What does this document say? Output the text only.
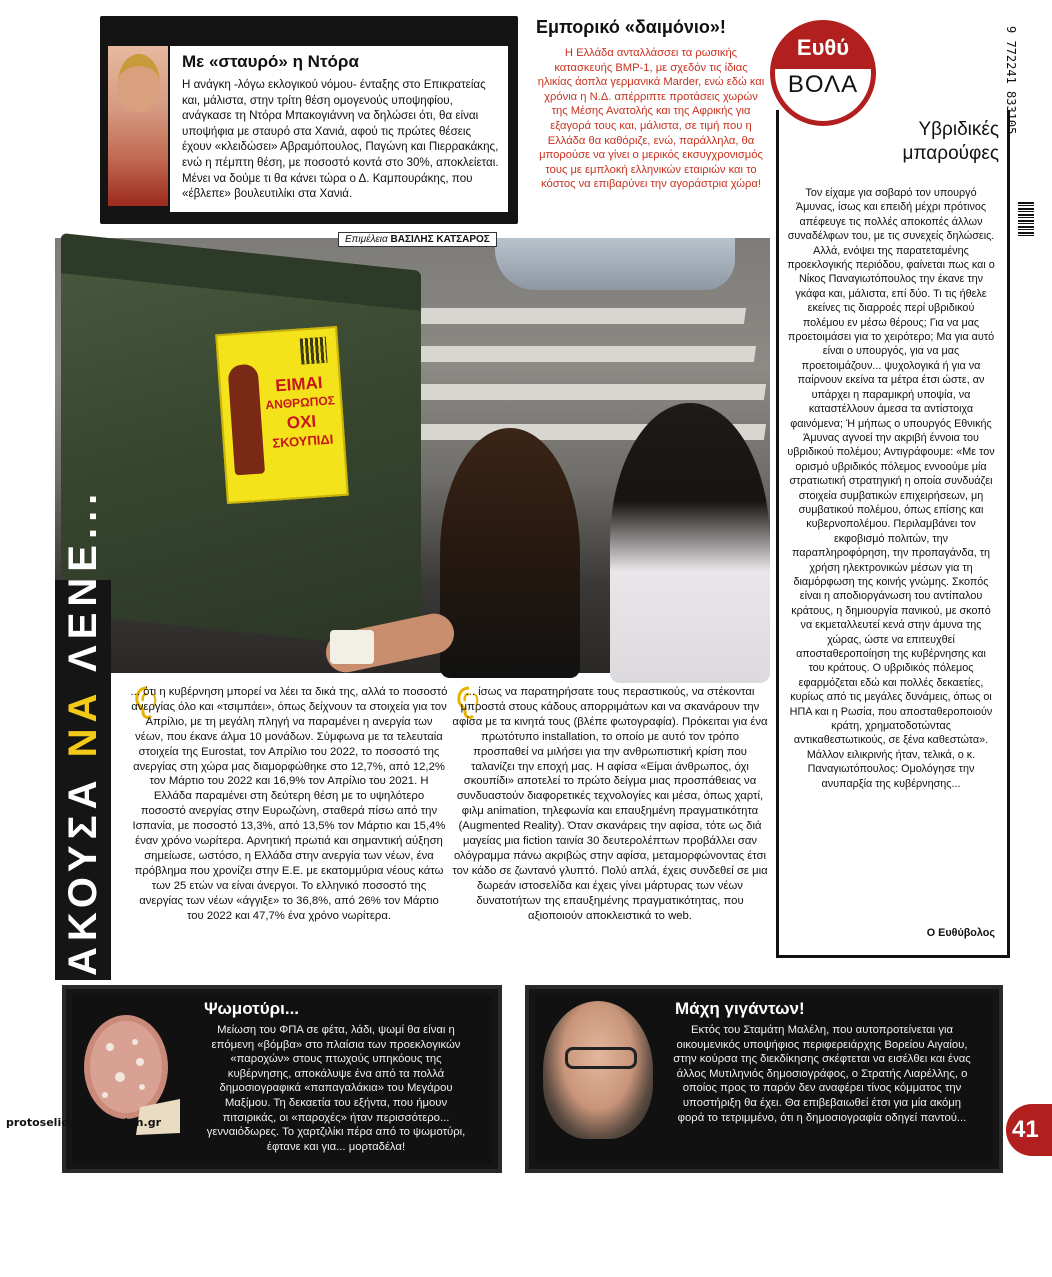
Με «σταυρό» η Ντόρα
Η ανάγκη -λόγω εκλογικού νόμου- ένταξης στο Επικρατείας και, μάλιστα, στην τρίτη θέση ομογενούς υποψηφίου, ανάγκασε τη Ντόρα Μπακογιάννη να δηλώσει ότι, θα είναι υποψήφια με σταυρό στα Χανιά, αφού τις πρώτες θέσεις έχουν «κλειδώσει» Αβραμόπουλος, Παγώνη και Πιερρακάκης, ενώ η πέμπτη θέση, με ποσοστό κοντά στο 30%, αποκλείεται. Μένει να δούμε τι θα κάνει τώρα ο Δ. Καμπουράκης, που «έβλεπε» βουλευτιλίκι στα Χανιά.
Εμπορικό «δαιμόνιο»!
Η Ελλάδα ανταλλάσσει τα ρωσικής κατασκευής ΒΜΡ-1, με σχεδόν τις ίδιας ηλικίας άοπλα γερμανικά Marder, ενώ εδώ και χρόνια η Ν.Δ. απέρριπτε προτάσεις χωρών της Μέσης Ανατολής και της Αφρικής για εξαγορά τους και, μάλιστα, σε τιμή που η Ελλάδα θα καθόριζε, ενώ, παράλληλα, θα μπορούσε να γίνει ο μερικός εκσυγχρονισμός τους με εμπλοκή ελληνικών εταιριών και το κόστος να επιβαρύνει την αγοράστρια χώρα!
Ευθύ
ΒΟΛΑ	9 772241 833105
Υβριδικές
μπαρούφες
Τον είχαμε για σοβαρό τον υπουργό Άμυνας, ίσως και επειδή μέχρι πρότινος απέφευγε τις πολλές αποκοπές άλλων συναδέλφων του, με τις συνεχείς δηλώσεις. Αλλά, ενόψει της παρατεταμένης προεκλογικής περιόδου, φαίνεται πως και ο Νίκος Παναγιωτόπουλος την έκανε την γκάφα και, μάλιστα, επί δύο. Τι τις ήθελε εκείνες τις διαρροές περί υβριδικού πολέμου εν μέσω θέρους; Για να μας προετοιμάσει για το χειρότερο; Μα για αυτό είναι ο υπουργός, για να μας προετοιμάζουν... ψυχολογικά ή για να παίρνουν εκείνα τα μέτρα έτσι ώστε, αν υπάρχει η παραμικρή υποψία, να καταστέλλουν άμεσα τα αντίστοιχα φαινόμενα; Ή μήπως ο υπουργός Εθνικής Άμυνας αγνοεί την ακριβή έννοια του υβριδικού πολέμου; Αντιγράφουμε: «Με τον ορισμό υβριδικός πόλεμος εννοούμε μία στρατιωτική στρατηγική η οποία συνδυάζει στοιχεία συμβατικών επιχειρήσεων, μη συμβατικού πολέμου, όπως επίσης και κυβερνοπολέμου. Περιλαμβάνει τον εκφοβισμό πολιτών, την παραπληροφόρηση, την προπαγάνδα, τη χρήση ηλεκτρονικών μέσων για τη διαμόρφωση της κοινής γνώμης. Σκοπός είναι η αποδιοργάνωση του αντίπαλου κράτους, η δημιουργία πανικού, με σκοπό να εκμεταλλευτεί κενά στην άμυνα της χώρας, ώστε να επιτευχθεί αποσταθεροποίηση της κυβέρνησης και του κράτους. Ο υβριδικός πόλεμος εφαρμόζεται εδώ και πολλές δεκαετίες, κυρίως από τις μεγάλες δυνάμεις, όπως οι ΗΠΑ και η Ρωσία, που αποσταθεροποιούν κράτη, χρηματοδοτώντας αντικαθεστωτικούς, σε ξένα καθεστώτα». Μάλλον ειλικρινής ήταν, τελικά, ο κ. Παναγιωτόπουλος: Ομολόγησε την ανυπαρξία της κυβέρνησης...
Ο Ευθύβολος
ΕΙΜΑΙ
ΑΝΘΡΩΠΟΣ
ΟΧΙ
ΣΚΟΥΠΙΔΙ
Επιμέλεια ΒΑΣΙΛΗΣ ΚΑΤΣΑΡΟΣ
ΑΚΟΥΣΑ ΝΑ ΛΕΝΕ...
... ότι η κυβέρνηση μπορεί να λέει τα δικά της, αλλά το ποσοστό ανεργίας όλο και «τσιμπάει», όπως δείχνουν τα στοιχεία για τον Απρίλιο, με τη μεγάλη πληγή να παραμένει η ανεργία των νέων, που έκανε άλμα 10 μονάδων. Σύμφωνα με τα τελευταία στοιχεία της Eurostat, τον Απρίλιο του 2022, το ποσοστό της ανεργίας στη χώρα μας διαμορφώθηκε στο 12,7%, από 12,2% τον Μάρτιο του 2022 και 16,9% τον Απρίλιο του 2021. Η Ελλάδα παραμένει στη δεύτερη θέση με το υψηλότερο ποσοστό ανεργίας στην Ευρωζώνη, σταθερά πίσω από την Ισπανία, με ποσοστό 13,3%, από 13,5% τον Μάρτιο και 15,4% έναν χρόνο νωρίτερα. Αρνητική πρωτιά και σημαντική αύξηση σημείωσε, ωστόσο, η Ελλάδα στην ανεργία των νέων, ένα πρόβλημα που χρονίζει στην Ε.Ε. με εκατομμύρια νέους κάτω των 25 ετών να είναι άνεργοι. Το ελληνικό ποσοστό της ανεργίας των νέων «άγγιξε» το 36,8%, από 26% τον Μάρτιο του 2022 και 47,7% ένα χρόνο νωρίτερα.
... ίσως να παρατηρήσατε τους περαστικούς, να στέκονται μπροστά στους κάδους απορριμάτων και να σκανάρουν την αφίσα με τα κινητά τους (βλέπε φωτογραφία). Πρόκειται για ένα πρωτότυπο installation, το οποίο με αυτό τον τρόπο προσπαθεί να μιλήσει για την ανθρωπιστική κρίση που ταλανίζει την εποχή μας. Η αφίσα «Είμαι άνθρωπος, όχι σκουπίδι» αποτελεί το πρώτο δείγμα μιας προσπάθειας να συνδυαστούν διαφορετικές τεχνολογίες και μέσα, όπως χαρτί, φιλμ animation, τηλεφωνία και επαυξημένη πραγματικότητα (Augmented Reality). Όταν σκανάρεις την αφίσα, τότε ως διά μαγείας μια fiction ταινία 30 δευτερολέπτων προβάλλει σαν ολόγραμμα πάνω ακριβώς στην αφίσα, μεταμορφώνοντας έτσι τον κάδο σε ζωντανό γλυπτό. Πολύ απλά, έχεις συνδεθεί σε μια δωρεάν ιστοσελίδα και έχεις γίνει μάρτυρας των νέων δυνατοτήτων της επαυξημένης πραγματικότητας, που αξιοποιούν αποκλειστικά το web.
Ψωμοτύρι...
Μείωση του ΦΠΑ σε φέτα, λάδι, ψωμί θα είναι η επόμενη «βόμβα» στο πλαίσια των προεκλογικών «παροχών» στους πτωχούς υπηκόους της κυβέρνησης, αποκάλυψε ένα από τα πολλά δημοσιογραφικά «παπαγαλάκια» του Μεγάρου Μαξίμου. Τη δεκαετία του εξήντα, που ήμουν πιτσιρικάς, οι «παροχές» ήταν περισσότερο... γενναιόδωρες. Το χαρτζιλίκι πέρα από το ψωμοτύρι, έφτανε και για... μορταδέλα!
Μάχη γιγάντων!
Εκτός του Σταμάτη Μαλέλη, που αυτοπροτείνεται για οικουμενικός υποψήφιος περιφερειάρχης Βορείου Αιγαίου, στην κούρσα της διεκδίκησης σκέφτεται να εισέλθει και ένας άλλος Μυτιληνιός δημοσιογράφος, ο Στρατής Λιαρέλλης, ο οποίος προς το παρόν δεν αναφέρει τίνος κόμματος την υποστήριξη θα έχει. Θα επιβεβαιωθεί έτσι για μία ακόμη φορά το τετριμμένο, ότι η δημοσιογραφία οδηγεί παντού...
protoselidaefimeridon.gr	41
